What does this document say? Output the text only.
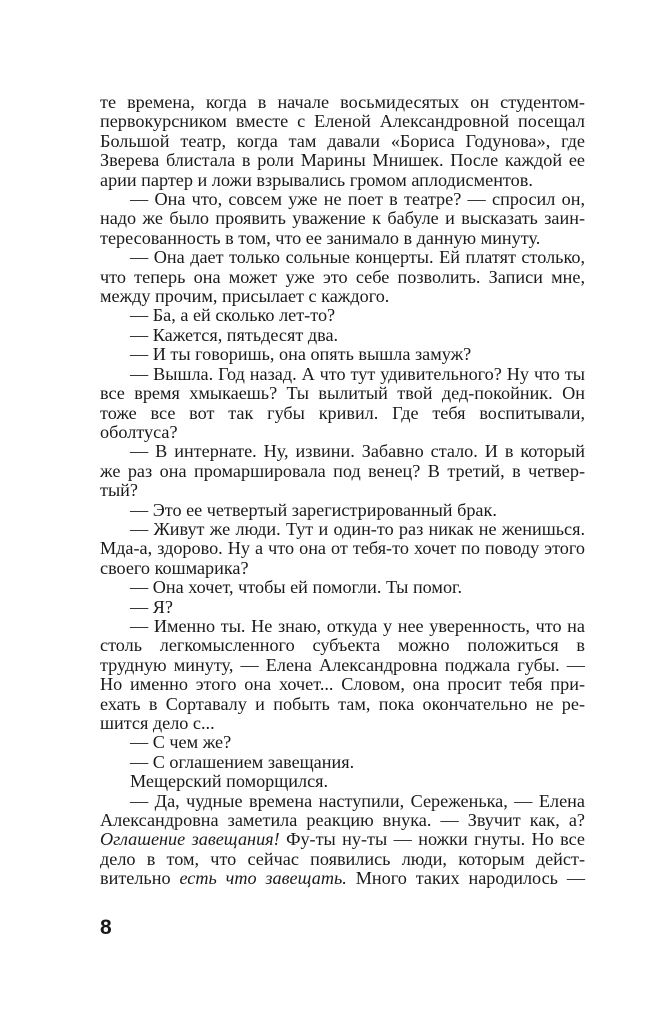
те времена, когда в начале восьмидесятых он студентом-первокурсником вместе с Еленой Александровной посещал Большой театр, когда там давали «Бориса Годунова», где Зверева блистала в роли Марины Мнишек. После каждой ее арии партер и ложи взрывались громом аплодисментов.

— Она что, совсем уже не поет в театре? — спросил он, надо же было проявить уважение к бабуле и высказать заинтересованность в том, что ее занимало в данную минуту.

— Она дает только сольные концерты. Ей платят столько, что теперь она может уже это себе позволить. Записи мне, между прочим, присылает с каждого.

— Ба, а ей сколько лет-то?

— Кажется, пятьдесят два.

— И ты говоришь, она опять вышла замуж?

— Вышла. Год назад. А что тут удивительного? Ну что ты все время хмыкаешь? Ты вылитый твой дед-покойник. Он тоже все вот так губы кривил. Где тебя воспитывали, оболтуса?

— В интернате. Ну, извини. Забавно стало. И в который же раз она промаршировала под венец? В третий, в четвертый?

— Это ее четвертый зарегистрированный брак.

— Живут же люди. Тут и один-то раз никак не женишься. Мда-а, здорово. Ну а что она от тебя-то хочет по поводу этого своего кошмарика?

— Она хочет, чтобы ей помогли. Ты помог.

— Я?

— Именно ты. Не знаю, откуда у нее уверенность, что на столь легкомысленного субъекта можно положиться в трудную минуту, — Елена Александровна поджала губы. — Но именно этого она хочет... Словом, она просит тебя приехать в Сортавалу и побыть там, пока окончательно не решится дело с...

— С чем же?

— С оглашением завещания.

Мещерский поморщился.

— Да, чудные времена наступили, Сереженька, — Елена Александровна заметила реакцию внука. — Звучит как, а? Оглашение завещания! Фу-ты ну-ты — ножки гнуты. Но все дело в том, что сейчас появились люди, которым действительно есть что завещать. Много таких народилось —

8
